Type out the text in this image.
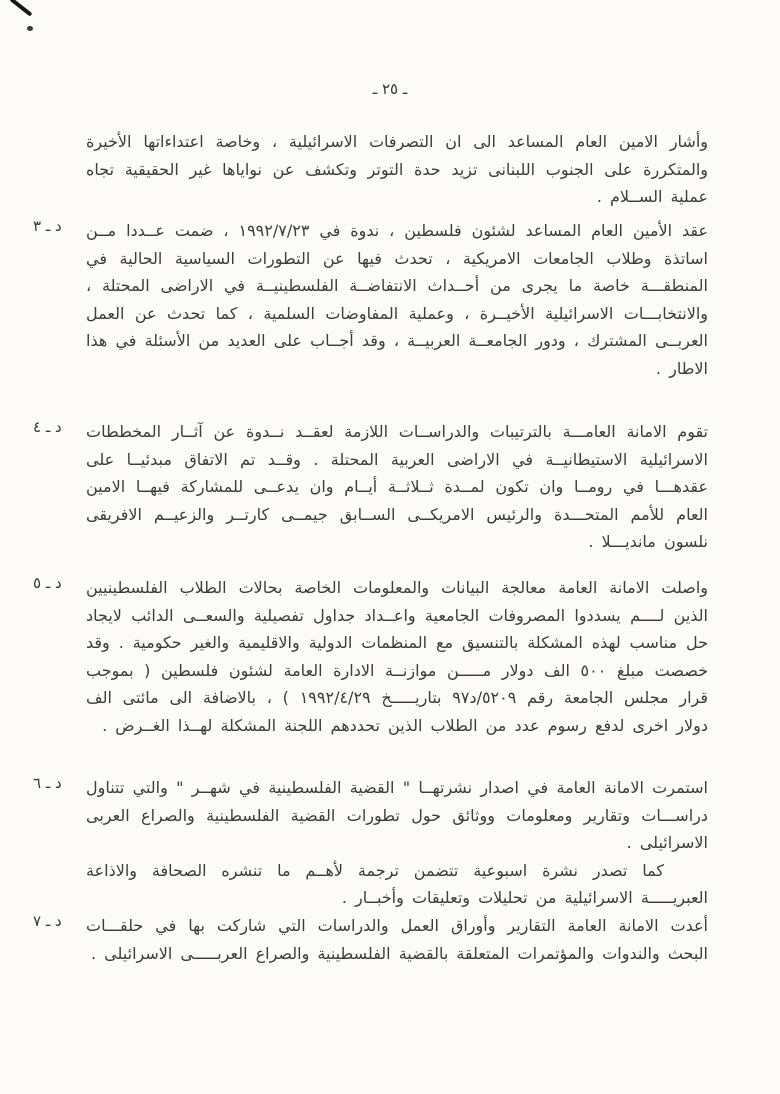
ـ ٢٥ ـ
وأشار الامين العام المساعد الى ان التصرفات الاسرائيلية ، وخاصة اعتداءاتها الأخيرة والمتكررة على الجنوب اللبنانى تزيد حدة التوتر وتكشف عن نواياها غير الحقيقية تجاه عملية الســلام .
د ـ ٣	عقد الأمين العام المساعد لشئون فلسطين ، ندوة في ١٩٩٢/٧/٢٣ ، ضمت عــددا مــن اساتذة وطلاب الجامعات الامريكية ، تحدث فيها عن التطورات السياسية الحالية في المنطقـــة خاصة ما يجرى من أحــداث الانتفاضــة الفلسطينيــة في الاراضى المحتلة ، والانتخابـــات الاسرائيلية الأخيــرة ، وعملية المفاوضات السلمية ، كما تحدث عن العمل العربــى المشترك ، ودور الجامعــة العربيــة ، وقد أجــاب على العديد من الأسئلة في هذا الاطار .
د ـ ٤	تقوم الامانة العامـــة بالترتيبات والدراســات اللازمة لعقــد نــدوة عن آثــار المخططات الاسرائيلية الاستيطانيــة في الاراضى العربية المحتلة . وقــد تم الاتفاق مبدئيــا على عقدهـــا في رومــا وان تكون لمــدة ثــلاثــة أيــام وان يدعــى للمشاركة فيهــا الامين العام للأمم المتحـــدة والرئيس الامريكــى الســابق جيمــى كارتــر والزعيــم الافريقى نلسون مانديـــلا .
د ـ ٥	واصلت الامانة العامة معالجة البيانات والمعلومات الخاصة بحالات الطلاب الفلسطينيين الذين لــــم يسددوا المصروفات الجامعية واعــداد جداول تفصيلية والسعــى الدائب لايجاد حل مناسب لهذه المشكلة بالتنسيق مع المنظمات الدولية والاقليمية والغير حكومية . وقد خصصت مبلغ ٥٠٠ الف دولار مـــــن موازنــة الادارة العامة لشئون فلسطين ( بموجب قرار مجلس الجامعة رقم ٥٢٠٩/د٩٧ بتاريـــــخ ١٩٩٢/٤/٢٩ ) ، بالاضافة الى مائتى الف دولار اخرى لدفع رسوم عدد من الطلاب الذين تحددهم اللجنة المشكلة لهــذا الغــرض .
د ـ ٦	استمرت الامانة العامة في اصدار نشرتهــا " القضية الفلسطينية في شهــر " والتي تتناول دراســـات وتقارير ومعلومات ووثائق حول تطورات القضية الفلسطينية والصراع العربى الاسرائيلى .
كما تصدر نشرة اسبوعية تتضمن ترجمة لأهــم ما تنشره الصحافة والاذاعة العبريـــــة الاسرائيلية من تحليلات وتعليقات وأخبــار .
د ـ ٧	أعدت الامانة العامة التقارير وأوراق العمل والدراسات التي شاركت بها في حلقـــات البحث والندوات والمؤتمرات المتعلقة بالقضية الفلسطينية والصراع العربـــــى الاسرائيلى .
